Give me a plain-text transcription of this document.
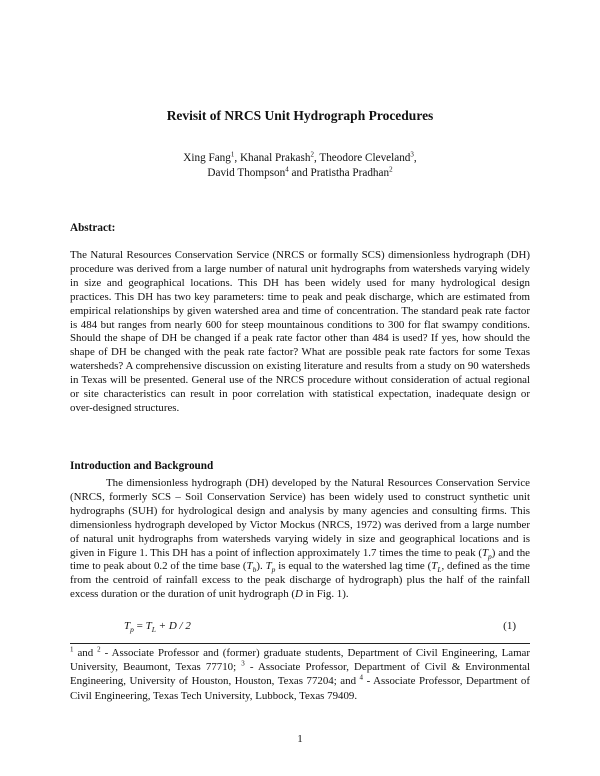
Revisit of NRCS Unit Hydrograph Procedures
Xing Fang$^1$, Khanal Prakash$^2$, Theodore Cleveland$^3$,
David Thompson$^4$ and Pratistha Pradhan$^2$
Abstract:

The Natural Resources Conservation Service (NRCS or formally SCS) dimensionless hydrograph (DH) procedure was derived from a large number of natural unit hydrographs from watersheds varying widely in size and geographical locations. This DH has been widely used for many hydrological design practices. This DH has two key parameters: time to peak and peak discharge, which are estimated from empirical relationships by given watershed area and time of concentration. The standard peak rate factor is 484 but ranges from nearly 600 for steep mountainous conditions to 300 for flat swampy conditions. Should the shape of DH be changed if a peak rate factor other than 484 is used? If yes, how should the shape of DH be changed with the peak rate factor? What are possible peak rate factors for some Texas watersheds? A comprehensive discussion on existing literature and results from a study on 90 watersheds in Texas will be presented. General use of the NRCS procedure without consideration of actual regional or site characteristics can result in poor correlation with statistical expectation, inadequate design or over-designed structures.

Introduction and Background

The dimensionless hydrograph (DH) developed by the Natural Resources Conservation Service (NRCS, formerly SCS – Soil Conservation Service) has been widely used to construct synthetic unit hydrographs (SUH) for hydrological design and analysis by many agencies and consulting firms. This dimensionless hydrograph developed by Victor Mockus (NRCS, 1972) was derived from a large number of natural unit hydrographs from watersheds varying widely in size and geographical locations and is given in Figure 1. This DH has a point of inflection approximately 1.7 times the time to peak $(T_p)$ and the time to peak about 0.2 of the time base $(T_b)$. $T_p$ is equal to the watershed lag time ($T_L$, defined as the time from the centroid of rainfall excess to the peak discharge of hydrograph) plus the half of the rainfall excess duration or the duration of unit hydrograph (D in Fig. 1).

$T_p = T_L + D / 2$	(1)

$^1$ and $^2$ - Associate Professor and (former) graduate students, Department of Civil Engineering, Lamar University, Beaumont, Texas 77710; $^3$ - Associate Professor, Department of Civil & Environmental Engineering, University of Houston, Houston, Texas 77204; and $^4$ - Associate Professor, Department of Civil Engineering, Texas Tech University, Lubbock, Texas 79409.

1
